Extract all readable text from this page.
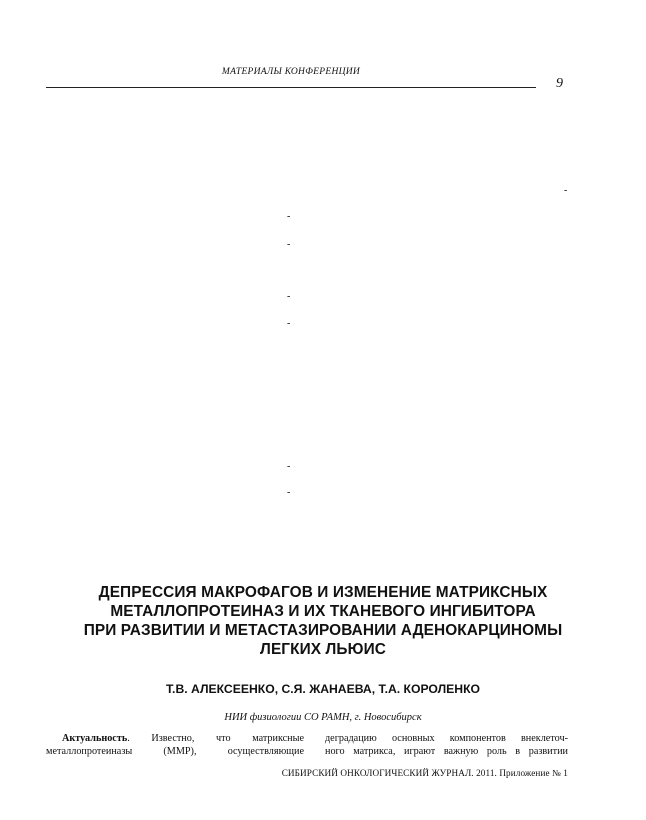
МАТЕРИАЛЫ КОНФЕРЕНЦИИ
9
-
-
-
-
-
-
-
ДЕПРЕССИЯ МАКРОФАГОВ И ИЗМЕНЕНИЕ МАТРИКСНЫХ
МЕТАЛЛОПРОТЕИНАЗ И ИХ ТКАНЕВОГО ИНГИБИТОРА
ПРИ РАЗВИТИИ И МЕТАСТАЗИРОВАНИИ АДЕНОКАРЦИНОМЫ
ЛЕГКИХ ЛЬЮИС
Т.В. АЛЕКСЕЕНКО, С.Я. ЖАНАЕВА, Т.А. КОРОЛЕНКО
НИИ физиологии СО РАМН, г. Новосибирск
Актуальность. Известно, что матриксные
металлопротеиназы (ММР), осуществляющие
деградацию основных компонентов внеклеточ-
ного матрикса, играют важную роль в развитии
СИБИРСКИЙ ОНКОЛОГИЧЕСКИЙ ЖУРНАЛ. 2011. Приложение № 1
